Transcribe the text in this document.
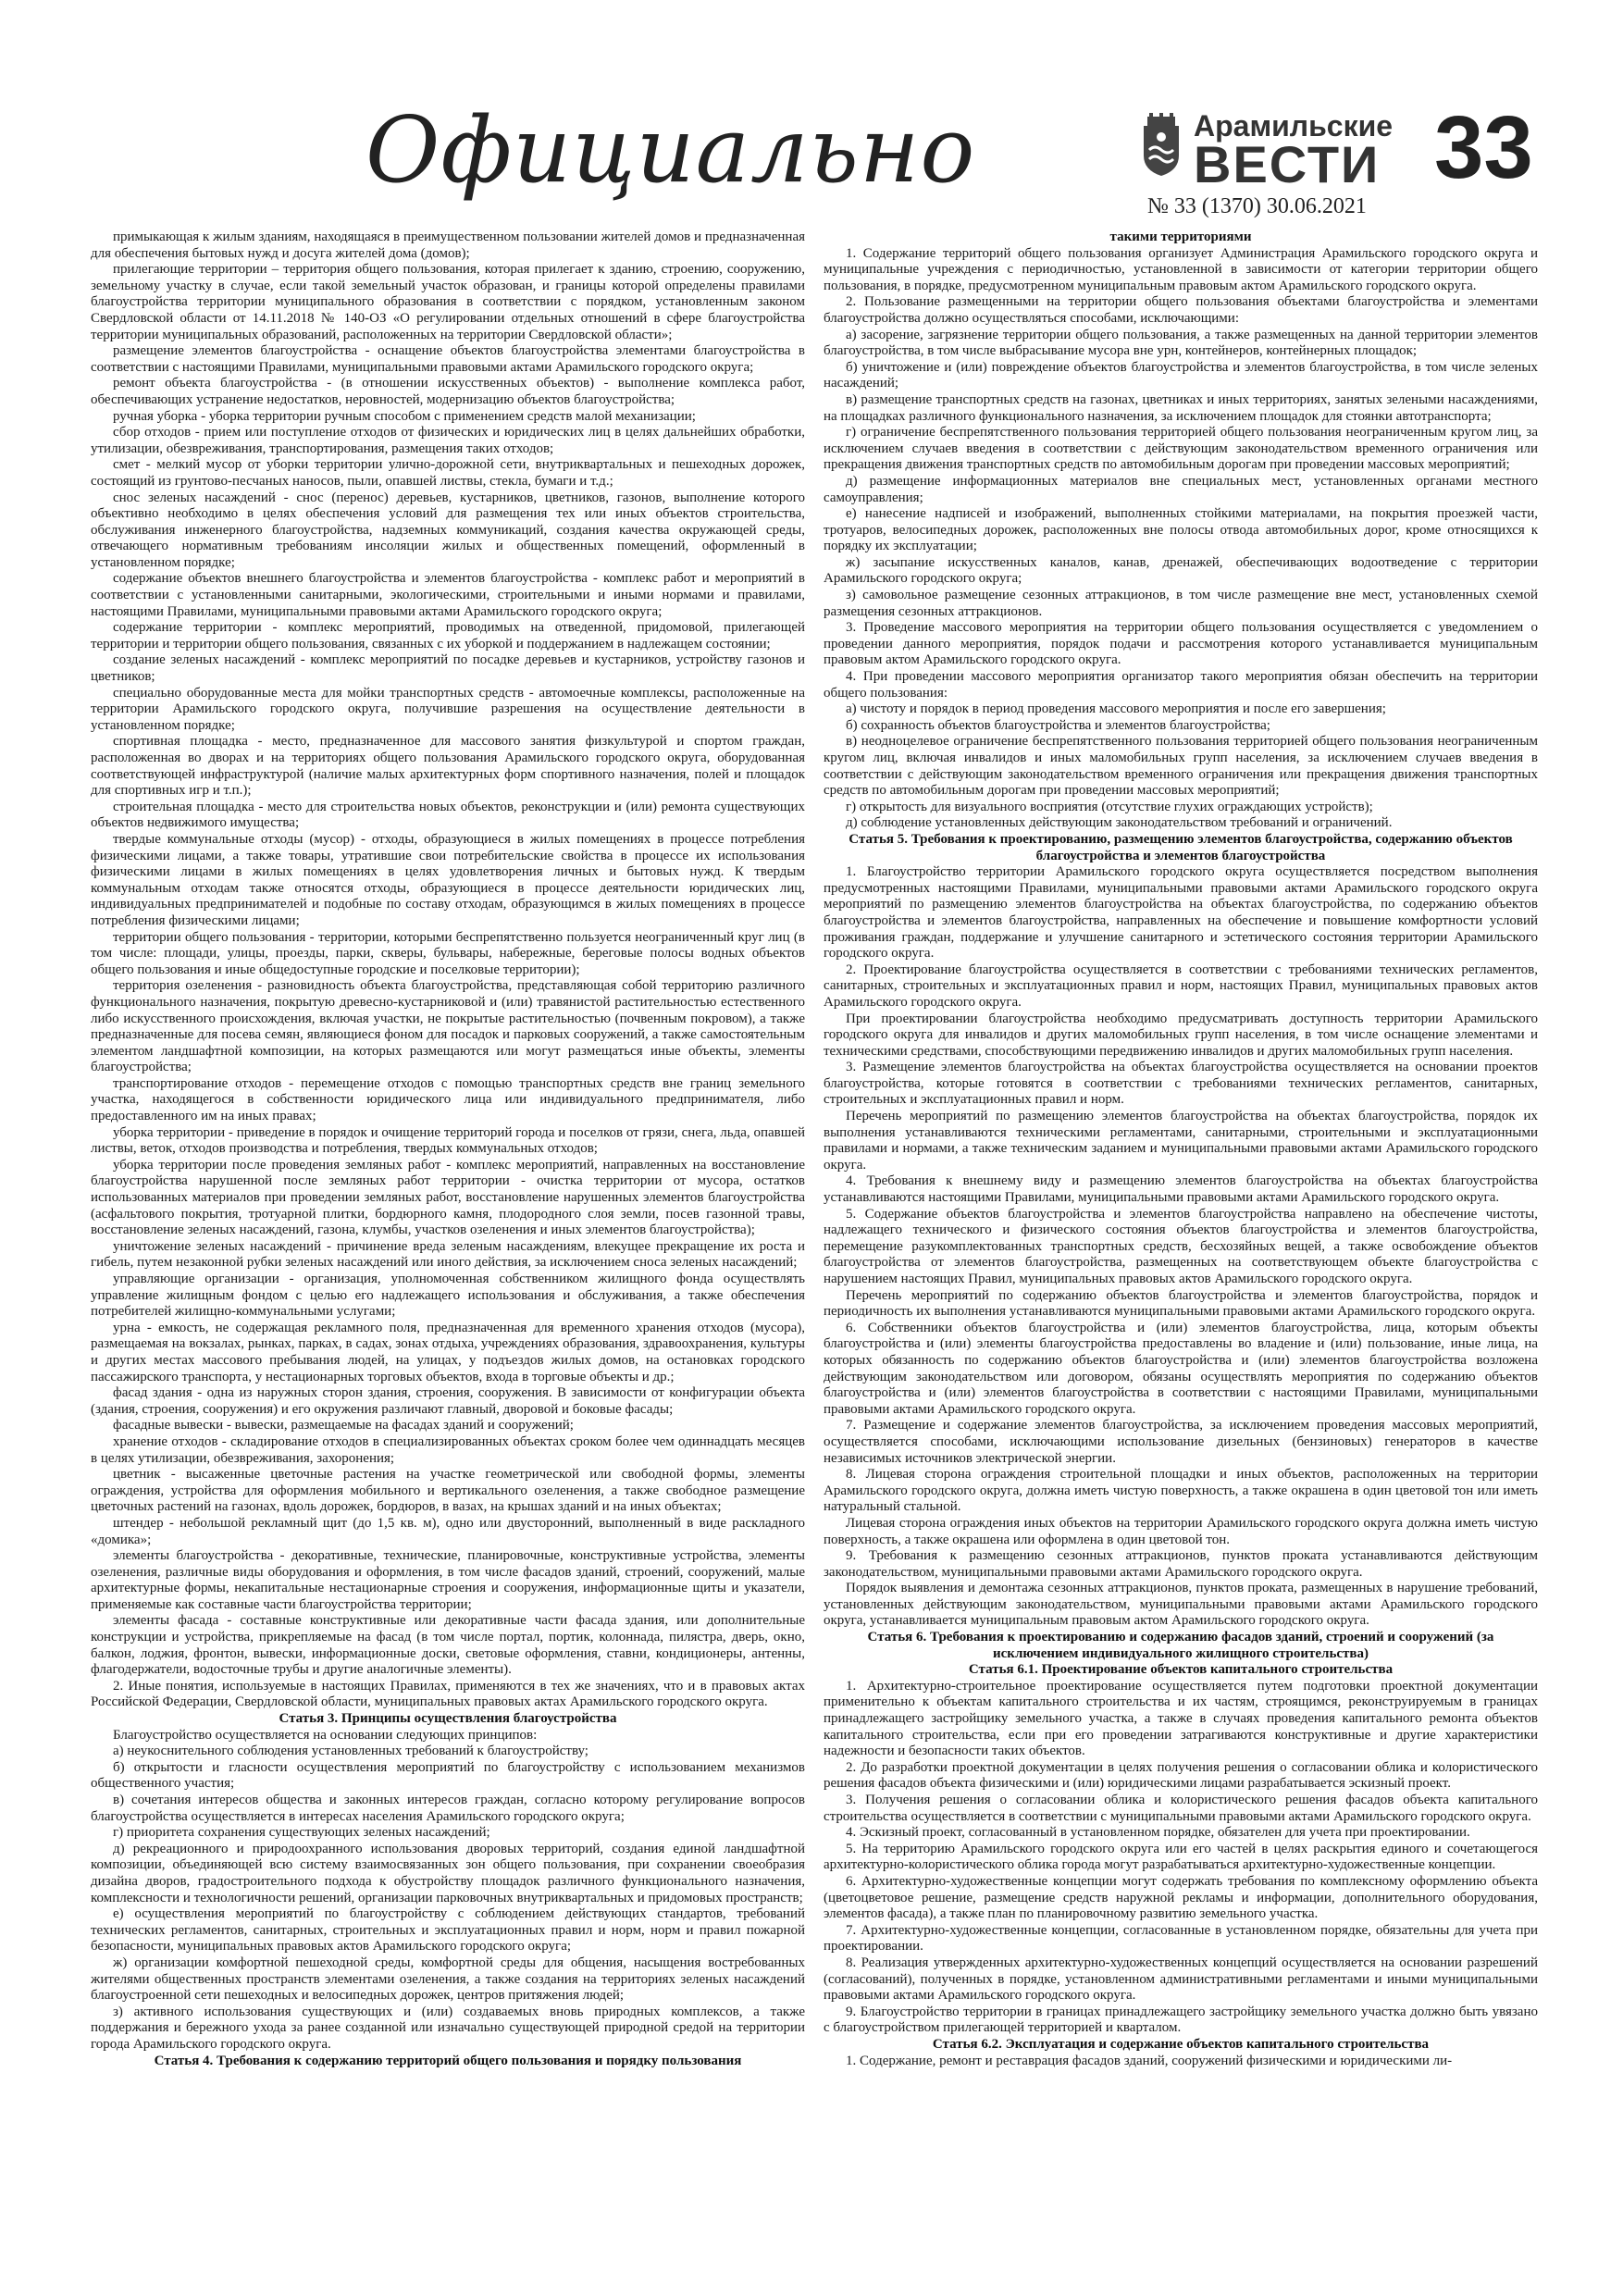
Официально	Арамильские
ВЕСТИ 33
№ 33 (1370) 30.06.2021

примыкающая к жилым зданиям, находящаяся в преимущественном пользовании жителей домов и предназначенная для обеспечения бытовых нужд и досуга жителей дома (домов);

прилегающие территории – территория общего пользования, которая прилегает к зданию, строению, сооружению, земельному участку в случае, если такой земельный участок образован, и границы которой определены правилами благоустройства территории муниципального образования в соответствии с порядком, установленным законом Свердловской области от 14.11.2018 № 140-ОЗ «О регулировании отдельных отношений в сфере благоустройства территории муниципальных образований, расположенных на территории Свердловской области»;

размещение элементов благоустройства - оснащение объектов благоустройства элементами благоустройства в соответствии с настоящими Правилами, муниципальными правовыми актами Арамильского городского округа;

ремонт объекта благоустройства - (в отношении искусственных объектов) - выполнение комплекса работ, обеспечивающих устранение недостатков, неровностей, модернизацию объектов благоустройства;

ручная уборка - уборка территории ручным способом с применением средств малой механизации;

сбор отходов - прием или поступление отходов от физических и юридических лиц в целях дальнейших обработки, утилизации, обезвреживания, транспортирования, размещения таких отходов;

смет - мелкий мусор от уборки территории улично-дорожной сети, внутриквартальных и пешеходных дорожек, состоящий из грунтово-песчаных наносов, пыли, опавшей листвы, стекла, бумаги и т.д.;

снос зеленых насаждений - снос (перенос) деревьев, кустарников, цветников, газонов, выполнение которого объективно необходимо в целях обеспечения условий для размещения тех или иных объектов строительства, обслуживания инженерного благоустройства, надземных коммуникаций, создания качества окружающей среды, отвечающего нормативным требованиям инсоляции жилых и общественных помещений, оформленный в установленном порядке;

содержание объектов внешнего благоустройства и элементов благоустройства - комплекс работ и мероприятий в соответствии с установленными санитарными, экологическими, строительными и иными нормами и правилами, настоящими Правилами, муниципальными правовыми актами Арамильского городского округа;

содержание территории - комплекс мероприятий, проводимых на отведенной, придомовой, прилегающей территории и территории общего пользования, связанных с их уборкой и поддержанием в надлежащем состоянии;

создание зеленых насаждений - комплекс мероприятий по посадке деревьев и кустарников, устройству газонов и цветников;

специально оборудованные места для мойки транспортных средств - автомоечные комплексы, расположенные на территории Арамильского городского округа, получившие разрешения на осуществление деятельности в установленном порядке;

спортивная площадка - место, предназначенное для массового занятия физкультурой и спортом граждан, расположенная во дворах и на территориях общего пользования Арамильского городского округа, оборудованная соответствующей инфраструктурой (наличие малых архитектурных форм спортивного назначения, полей и площадок для спортивных игр и т.п.);

строительная площадка - место для строительства новых объектов, реконструкции и (или) ремонта существующих объектов недвижимого имущества;

твердые коммунальные отходы (мусор) - отходы, образующиеся в жилых помещениях в процессе потребления физическими лицами, а также товары, утратившие свои потребительские свойства в процессе их использования физическими лицами в жилых помещениях в целях удовлетворения личных и бытовых нужд. К твердым коммунальным отходам также относятся отходы, образующиеся в процессе деятельности юридических лиц, индивидуальных предпринимателей и подобные по составу отходам, образующимся в жилых помещениях в процессе потребления физическими лицами;

территории общего пользования - территории, которыми беспрепятственно пользуется неограниченный круг лиц (в том числе: площади, улицы, проезды, парки, скверы, бульвары, набережные, береговые полосы водных объектов общего пользования и иные общедоступные городские и поселковые территории);

территория озеленения - разновидность объекта благоустройства, представляющая собой территорию различного функционального назначения, покрытую древесно-кустарниковой и (или) травянистой растительностью естественного либо искусственного происхождения, включая участки, не покрытые растительностью (почвенным покровом), а также предназначенные для посева семян, являющиеся фоном для посадок и парковых сооружений, а также самостоятельным элементом ландшафтной композиции, на которых размещаются или могут размещаться иные объекты, элементы благоустройства;

транспортирование отходов - перемещение отходов с помощью транспортных средств вне границ земельного участка, находящегося в собственности юридического лица или индивидуального предпринимателя, либо предоставленного им на иных правах;

уборка территории - приведение в порядок и очищение территорий города и поселков от грязи, снега, льда, опавшей листвы, веток, отходов производства и потребления, твердых коммунальных отходов;

уборка территории после проведения земляных работ - комплекс мероприятий, направленных на восстановление благоустройства нарушенной после земляных работ территории - очистка территории от мусора, остатков использованных материалов при проведении земляных работ, восстановление нарушенных элементов благоустройства (асфальтового покрытия, тротуарной плитки, бордюрного камня, плодородного слоя земли, посев газонной травы, восстановление зеленых насаждений, газона, клумбы, участков озеленения и иных элементов благоустройства);

уничтожение зеленых насаждений - причинение вреда зеленым насаждениям, влекущее прекращение их роста и гибель, путем незаконной рубки зеленых насаждений или иного действия, за исключением сноса зеленых насаждений;

управляющие организации - организация, уполномоченная собственником жилищного фонда осуществлять управление жилищным фондом с целью его надлежащего использования и обслуживания, а также обеспечения потребителей жилищно-коммунальными услугами;

урна - емкость, не содержащая рекламного поля, предназначенная для временного хранения отходов (мусора), размещаемая на вокзалах, рынках, парках, в садах, зонах отдыха, учреждениях образования, здравоохранения, культуры и других местах массового пребывания людей, на улицах, у подъездов жилых домов, на остановках городского пассажирского транспорта, у нестационарных торговых объектов, входа в торговые объекты и др.;

фасад здания - одна из наружных сторон здания, строения, сооружения. В зависимости от конфигурации объекта (здания, строения, сооружения) и его окружения различают главный, дворовой и боковые фасады;

фасадные вывески - вывески, размещаемые на фасадах зданий и сооружений;

хранение отходов - складирование отходов в специализированных объектах сроком более чем одиннадцать месяцев в целях утилизации, обезвреживания, захоронения;

цветник - высаженные цветочные растения на участке геометрической или свободной формы, элементы ограждения, устройства для оформления мобильного и вертикального озеленения, а также свободное размещение цветочных растений на газонах, вдоль дорожек, бордюров, в вазах, на крышах зданий и на иных объектах;

штендер - небольшой рекламный щит (до 1,5 кв. м), одно или двусторонний, выполненный в виде раскладного «домика»;

элементы благоустройства - декоративные, технические, планировочные, конструктивные устройства, элементы озеленения, различные виды оборудования и оформления, в том числе фасадов зданий, строений, сооружений, малые архитектурные формы, некапитальные нестационарные строения и сооружения, информационные щиты и указатели, применяемые как составные части благоустройства территории;

элементы фасада - составные конструктивные или декоративные части фасада здания, или дополнительные конструкции и устройства, прикрепляемые на фасад (в том числе портал, портик, колоннада, пилястра, дверь, окно, балкон, лоджия, фронтон, вывески, информационные доски, световые оформления, ставни, кондиционеры, антенны, флагодержатели, водосточные трубы и другие аналогичные элементы).

2. Иные понятия, используемые в настоящих Правилах, применяются в тех же значениях, что и в правовых актах Российской Федерации, Свердловской области, муниципальных правовых актах Арамильского городского округа.

Статья 3. Принципы осуществления благоустройства

Благоустройство осуществляется на основании следующих принципов:

а) неукоснительного соблюдения установленных требований к благоустройству;

б) открытости и гласности осуществления мероприятий по благоустройству с использованием механизмов общественного участия;

в) сочетания интересов общества и законных интересов граждан, согласно которому регулирование вопросов благоустройства осуществляется в интересах населения Арамильского городского округа;

г) приоритета сохранения существующих зеленых насаждений;

д) рекреационного и природоохранного использования дворовых территорий, создания единой ландшафтной композиции, объединяющей всю систему взаимосвязанных зон общего пользования, при сохранении своеобразия дизайна дворов, градостроительного подхода к обустройству площадок различного функционального назначения, комплексности и технологичности решений, организации парковочных внутриквартальных и придомовых пространств;

е) осуществления мероприятий по благоустройству с соблюдением действующих стандартов, требований технических регламентов, санитарных, строительных и эксплуатационных правил и норм, норм и правил пожарной безопасности, муниципальных правовых актов Арамильского городского округа;

ж) организации комфортной пешеходной среды, комфортной среды для общения, насыщения востребованных жителями общественных пространств элементами озеленения, а также создания на территориях зеленых насаждений благоустроенной сети пешеходных и велосипедных дорожек, центров притяжения людей;

з) активного использования существующих и (или) создаваемых вновь природных комплексов, а также поддержания и бережного ухода за ранее созданной или изначально существующей природной средой на территории города Арамильского городского округа.

Статья 4. Требования к содержанию территорий общего пользования и порядку пользования
такими территориями

1. Содержание территорий общего пользования организует Администрация Арамильского городского округа и муниципальные учреждения с периодичностью, установленной в зависимости от категории территории общего пользования, в порядке, предусмотренном муниципальным правовым актом Арамильского городского округа.

2. Пользование размещенными на территории общего пользования объектами благоустройства и элементами благоустройства должно осуществляться способами, исключающими:

а) засорение, загрязнение территории общего пользования, а также размещенных на данной территории элементов благоустройства, в том числе выбрасывание мусора вне урн, контейнеров, контейнерных площадок;

б) уничтожение и (или) повреждение объектов благоустройства и элементов благоустройства, в том числе зеленых насаждений;

в) размещение транспортных средств на газонах, цветниках и иных территориях, занятых зелеными насаждениями, на площадках различного функционального назначения, за исключением площадок для стоянки автотранспорта;

г) ограничение беспрепятственного пользования территорией общего пользования неограниченным кругом лиц, за исключением случаев введения в соответствии с действующим законодательством временного ограничения или прекращения движения транспортных средств по автомобильным дорогам при проведении массовых мероприятий;

д) размещение информационных материалов вне специальных мест, установленных органами местного самоуправления;

е) нанесение надписей и изображений, выполненных стойкими материалами, на покрытия проезжей части, тротуаров, велосипедных дорожек, расположенных вне полосы отвода автомобильных дорог, кроме относящихся к порядку их эксплуатации;

ж) засыпание искусственных каналов, канав, дренажей, обеспечивающих водоотведение с территории Арамильского городского округа;

з) самовольное размещение сезонных аттракционов, в том числе размещение вне мест, установленных схемой размещения сезонных аттракционов.

3. Проведение массового мероприятия на территории общего пользования осуществляется с уведомлением о проведении данного мероприятия, порядок подачи и рассмотрения которого устанавливается муниципальным правовым актом Арамильского городского округа.

4. При проведении массового мероприятия организатор такого мероприятия обязан обеспечить на территории общего пользования:

а) чистоту и порядок в период проведения массового мероприятия и после его завершения;

б) сохранность объектов благоустройства и элементов благоустройства;

в) неодноцелевое ограничение беспрепятственного пользования территорией общего пользования неограниченным кругом лиц, включая инвалидов и иных маломобильных групп населения, за исключением случаев введения в соответствии с действующим законодательством временного ограничения или прекращения движения транспортных средств по автомобильным дорогам при проведении массовых мероприятий;

г) открытость для визуального восприятия (отсутствие глухих ограждающих устройств);

д) соблюдение установленных действующим законодательством требований и ограничений.

Статья 5. Требования к проектированию, размещению элементов благоустройства, содержанию объектов благоустройства и элементов благоустройства

1. Благоустройство территории Арамильского городского округа осуществляется посредством выполнения предусмотренных настоящими Правилами, муниципальными правовыми актами Арамильского городского округа мероприятий по размещению элементов благоустройства на объектах благоустройства, по содержанию объектов благоустройства и элементов благоустройства, направленных на обеспечение и повышение комфортности условий проживания граждан, поддержание и улучшение санитарного и эстетического состояния территории Арамильского городского округа.

2. Проектирование благоустройства осуществляется в соответствии с требованиями технических регламентов, санитарных, строительных и эксплуатационных правил и норм, настоящих Правил, муниципальных правовых актов Арамильского городского округа.

При проектировании благоустройства необходимо предусматривать доступность территории Арамильского городского округа для инвалидов и других маломобильных групп населения, в том числе оснащение элементами и техническими средствами, способствующими передвижению инвалидов и других маломобильных групп населения.

3. Размещение элементов благоустройства на объектах благоустройства осуществляется на основании проектов благоустройства, которые готовятся в соответствии с требованиями технических регламентов, санитарных, строительных и эксплуатационных правил и норм.

Перечень мероприятий по размещению элементов благоустройства на объектах благоустройства, порядок их выполнения устанавливаются техническими регламентами, санитарными, строительными и эксплуатационными правилами и нормами, а также техническим заданием и муниципальными правовыми актами Арамильского городского округа.

4. Требования к внешнему виду и размещению элементов благоустройства на объектах благоустройства устанавливаются настоящими Правилами, муниципальными правовыми актами Арамильского городского округа.

5. Содержание объектов благоустройства и элементов благоустройства направлено на обеспечение чистоты, надлежащего технического и физического состояния объектов благоустройства и элементов благоустройства, перемещение разукомплектованных транспортных средств, бесхозяйных вещей, а также освобождение объектов благоустройства от элементов благоустройства, размещенных на соответствующем объекте благоустройства с нарушением настоящих Правил, муниципальных правовых актов Арамильского городского округа.

Перечень мероприятий по содержанию объектов благоустройства и элементов благоустройства, порядок и периодичность их выполнения устанавливаются муниципальными правовыми актами Арамильского городского округа.

6. Собственники объектов благоустройства и (или) элементов благоустройства, лица, которым объекты благоустройства и (или) элементы благоустройства предоставлены во владение и (или) пользование, иные лица, на которых обязанность по содержанию объектов благоустройства и (или) элементов благоустройства возложена действующим законодательством или договором, обязаны осуществлять мероприятия по содержанию объектов благоустройства и (или) элементов благоустройства в соответствии с настоящими Правилами, муниципальными правовыми актами Арамильского городского округа.

7. Размещение и содержание элементов благоустройства, за исключением проведения массовых мероприятий, осуществляется способами, исключающими использование дизельных (бензиновых) генераторов в качестве независимых источников электрической энергии.

8. Лицевая сторона ограждения строительной площадки и иных объектов, расположенных на территории Арамильского городского округа, должна иметь чистую поверхность, а также окрашена в один цветовой тон или иметь натуральный стальной.

Лицевая сторона ограждения иных объектов на территории Арамильского городского округа должна иметь чистую поверхность, а также окрашена или оформлена в один цветовой тон.

9. Требования к размещению сезонных аттракционов, пунктов проката устанавливаются действующим законодательством, муниципальными правовыми актами Арамильского городского округа.

Порядок выявления и демонтажа сезонных аттракционов, пунктов проката, размещенных в нарушение требований, установленных действующим законодательством, муниципальными правовыми актами Арамильского городского округа, устанавливается муниципальным правовым актом Арамильского городского округа.

Статья 6. Требования к проектированию и содержанию фасадов зданий, строений и сооружений (за исключением индивидуального жилищного строительства)
Статья 6.1. Проектирование объектов капитального строительства

1. Архитектурно-строительное проектирование осуществляется путем подготовки проектной документации применительно к объектам капитального строительства и их частям, строящимся, реконструируемым в границах принадлежащего застройщику земельного участка, а также в случаях проведения капитального ремонта объектов капитального строительства, если при его проведении затрагиваются конструктивные и другие характеристики надежности и безопасности таких объектов.

2. До разработки проектной документации в целях получения решения о согласовании облика и колористического решения фасадов объекта физическими и (или) юридическими лицами разрабатывается эскизный проект.

3. Получения решения о согласовании облика и колористического решения фасадов объекта капитального строительства осуществляется в соответствии с муниципальными правовыми актами Арамильского городского округа.

4. Эскизный проект, согласованный в установленном порядке, обязателен для учета при проектировании.

5. На территорию Арамильского городского округа или его частей в целях раскрытия единого и сочетающегося архитектурно-колористического облика города могут разрабатываться архитектурно-художественные концепции.

6. Архитектурно-художественные концепции могут содержать требования по комплексному оформлению объекта (цветоцветовое решение, размещение средств наружной рекламы и информации, дополнительного оборудования, элементов фасада), а также план по планировочному развитию земельного участка.

7. Архитектурно-художественные концепции, согласованные в установленном порядке, обязательны для учета при проектировании.

8. Реализация утвержденных архитектурно-художественных концепций осуществляется на основании разрешений (согласований), полученных в порядке, установленном административными регламентами и иными муниципальными правовыми актами Арамильского городского округа.

9. Благоустройство территории в границах принадлежащего застройщику земельного участка должно быть увязано с благоустройством прилегающей территорией и кварталом.

Статья 6.2. Эксплуатация и содержание объектов капитального строительства

1. Содержание, ремонт и реставрация фасадов зданий, сооружений физическими и юридическими ли-
